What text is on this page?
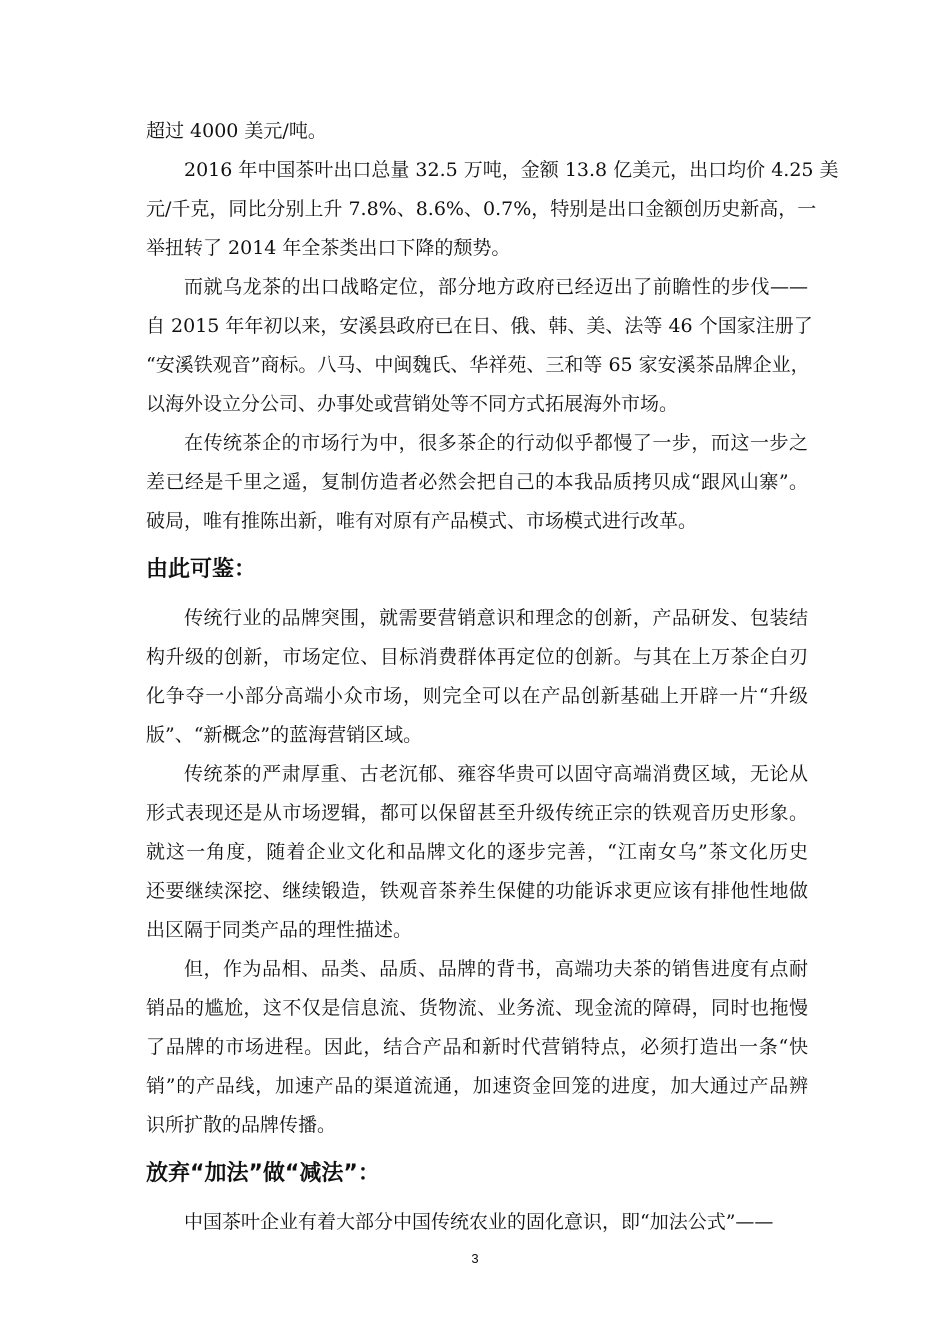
超过 4000 美元/吨。
2016 年中国茶叶出口总量 32.5 万吨，金额 13.8 亿美元，出口均价 4.25 美
元/千克，同比分别上升 7.8%、8.6%、0.7%，特别是出口金额创历史新高，一
举扭转了 2014 年全茶类出口下降的颓势。
而就乌龙茶的出口战略定位，部分地方政府已经迈出了前瞻性的步伐——
自 2015 年年初以来，安溪县政府已在日、俄、韩、美、法等 46 个国家注册了
“安溪铁观音”商标。八马、中闽魏氏、华祥苑、三和等 65 家安溪茶品牌企业，
以海外设立分公司、办事处或营销处等不同方式拓展海外市场。
在传统茶企的市场行为中，很多茶企的行动似乎都慢了一步，而这一步之
差已经是千里之遥，复制仿造者必然会把自己的本我品质拷贝成“跟风山寨”。
破局，唯有推陈出新，唯有对原有产品模式、市场模式进行改革。
由此可鉴：
传统行业的品牌突围，就需要营销意识和理念的创新，产品研发、包装结
构升级的创新，市场定位、目标消费群体再定位的创新。与其在上万茶企白刃
化争夺一小部分高端小众市场，则完全可以在产品创新基础上开辟一片“升级
版”、“新概念”的蓝海营销区域。
传统茶的严肃厚重、古老沉郁、雍容华贵可以固守高端消费区域，无论从
形式表现还是从市场逻辑，都可以保留甚至升级传统正宗的铁观音历史形象。
就这一角度，随着企业文化和品牌文化的逐步完善，“江南女乌”茶文化历史
还要继续深挖、继续锻造，铁观音茶养生保健的功能诉求更应该有排他性地做
出区隔于同类产品的理性描述。
但，作为品相、品类、品质、品牌的背书，高端功夫茶的销售进度有点耐
销品的尴尬，这不仅是信息流、货物流、业务流、现金流的障碍，同时也拖慢
了品牌的市场进程。因此，结合产品和新时代营销特点，必须打造出一条“快
销”的产品线，加速产品的渠道流通，加速资金回笼的进度，加大通过产品辨
识所扩散的品牌传播。
放弃“加法”做“减法”：
中国茶叶企业有着大部分中国传统农业的固化意识，即“加法公式”——
3
